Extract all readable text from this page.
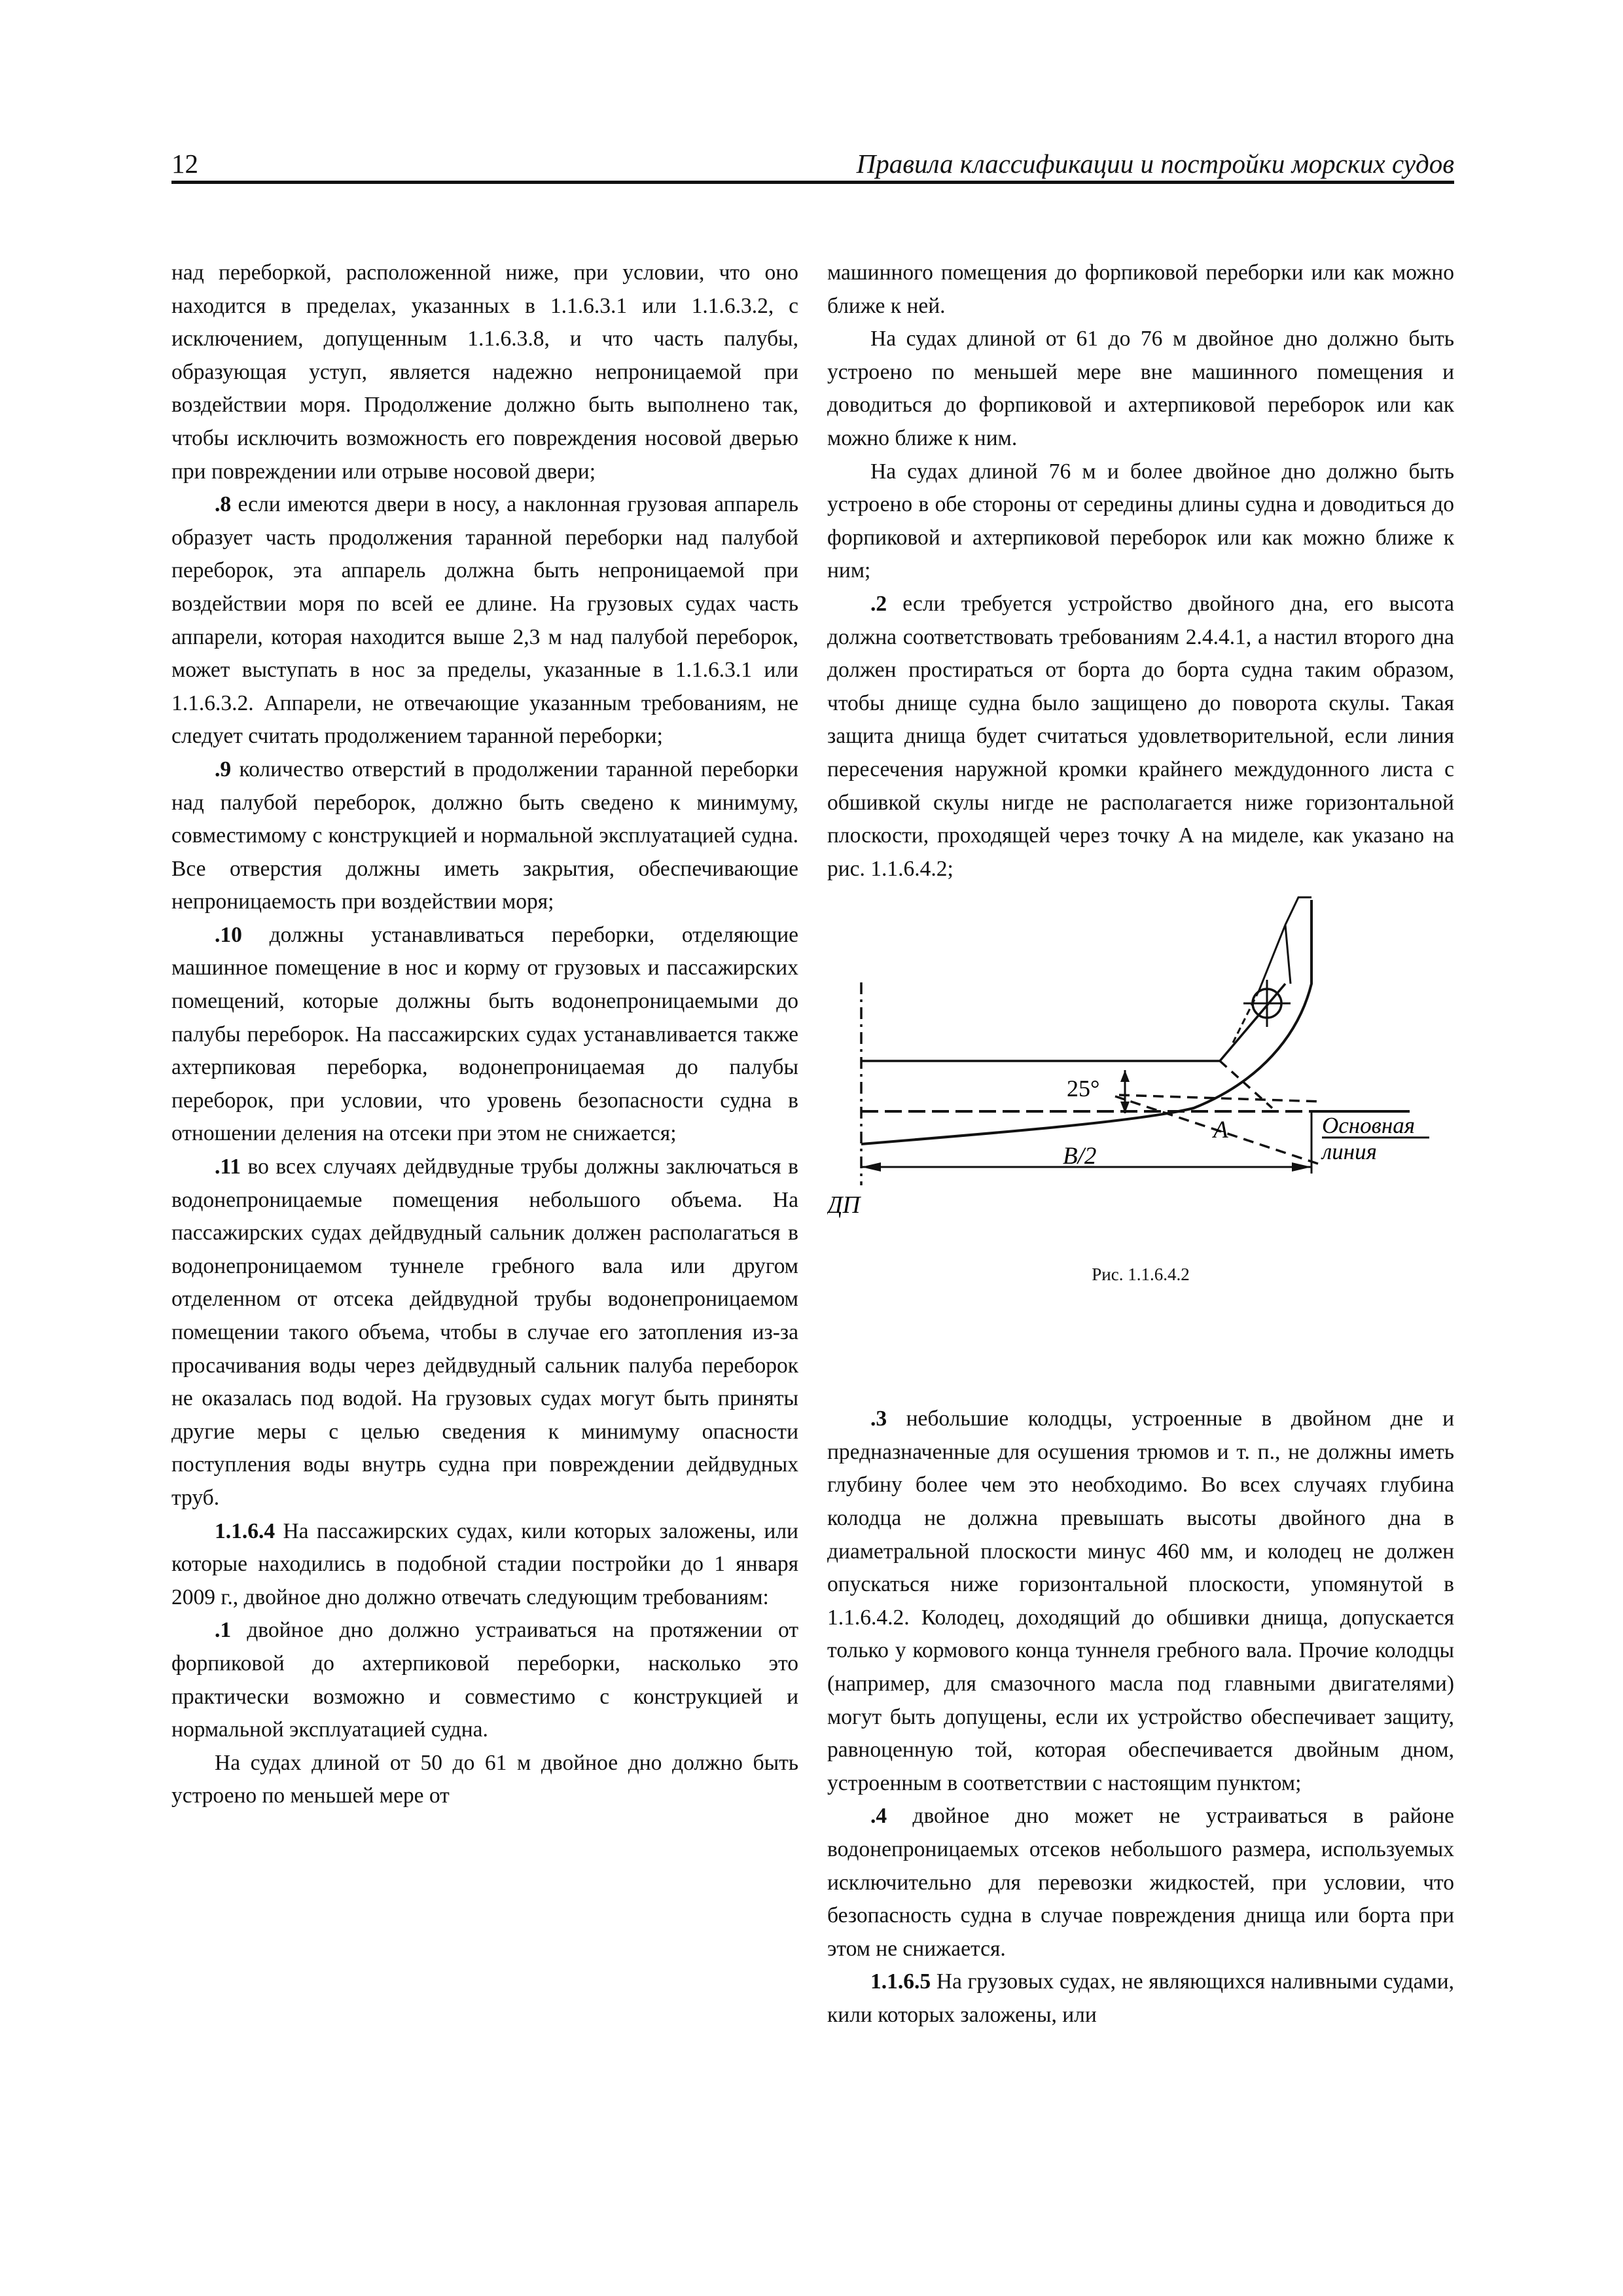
12	Правила классификации и постройки морских судов

над переборкой, расположенной ниже, при условии, что оно находится в пределах, указанных в 1.1.6.3.1 или 1.1.6.3.2, с исключением, допущенным 1.1.6.3.8, и что часть палубы, образующая уступ, является надежно непроницаемой при воздействии моря. Продолжение должно быть выполнено так, чтобы исключить возможность его повреждения носовой дверью при повреждении или отрыве носовой двери;

.8 если имеются двери в носу, а наклонная грузовая аппарель образует часть продолжения таранной переборки над палубой переборок, эта аппарель должна быть непроницаемой при воздействии моря по всей ее длине. На грузовых судах часть аппарели, которая находится выше 2,3 м над палубой переборок, может выступать в нос за пределы, указанные в 1.1.6.3.1 или 1.1.6.3.2. Аппарели, не отвечающие указанным требованиям, не следует считать продолжением таранной переборки;

.9 количество отверстий в продолжении таранной переборки над палубой переборок, должно быть сведено к минимуму, совместимому с конструкцией и нормальной эксплуатацией судна. Все отверстия должны иметь закрытия, обеспечивающие непроницаемость при воздействии моря;

.10 должны устанавливаться переборки, отделяющие машинное помещение в нос и корму от грузовых и пассажирских помещений, которые должны быть водонепроницаемыми до палубы переборок. На пассажирских судах устанавливается также ахтерпиковая переборка, водонепроницаемая до палубы переборок, при условии, что уровень безопасности судна в отношении деления на отсеки при этом не снижается;

.11 во всех случаях дейдвудные трубы должны заключаться в водонепроницаемые помещения небольшого объема. На пассажирских судах дейдвудный сальник должен располагаться в водонепроницаемом туннеле гребного вала или другом отделенном от отсека дейдвудной трубы водонепроницаемом помещении такого объема, чтобы в случае его затопления из-за просачивания воды через дейдвудный сальник палуба переборок не оказалась под водой. На грузовых судах могут быть приняты другие меры с целью сведения к минимуму опасности поступления воды внутрь судна при повреждении дейдвудных труб.

1.1.6.4 На пассажирских судах, кили которых заложены, или которые находились в подобной стадии постройки до 1 января 2009 г., двойное дно должно отвечать следующим требованиям:

.1 двойное дно должно устраиваться на протяжении от форпиковой до ахтерпиковой переборки, насколько это практически возможно и совместимо с конструкцией и нормальной эксплуатацией судна.

На судах длиной от 50 до 61 м двойное дно должно быть устроено по меньшей мере от

машинного помещения до форпиковой переборки или как можно ближе к ней.

На судах длиной от 61 до 76 м двойное дно должно быть устроено по меньшей мере вне машинного помещения и доводиться до форпиковой и ахтерпиковой переборок или как можно ближе к ним.

На судах длиной 76 м и более двойное дно должно быть устроено в обе стороны от середины длины судна и доводиться до форпиковой и ахтерпиковой переборок или как можно ближе к ним;

.2 если требуется устройство двойного дна, его высота должна соответствовать требованиям 2.4.4.1, а настил второго дна должен простираться от борта до борта судна таким образом, чтобы днище судна было защищено до поворота скулы. Такая защита днища будет считаться удовлетворительной, если линия пересечения наружной кромки крайнего междудонного листа с обшивкой скулы нигде не располагается ниже горизонтальной плоскости, проходящей через точку A на миделе, как указано на рис. 1.1.6.4.2;

25°
A
B/2
ДП
Основная
линия
Рис. 1.1.6.4.2

.3 небольшие колодцы, устроенные в двойном дне и предназначенные для осушения трюмов и т. п., не должны иметь глубину более чем это необходимо. Во всех случаях глубина колодца не должна превышать высоты двойного дна в диаметральной плоскости минус 460 мм, и колодец не должен опускаться ниже горизонтальной плоскости, упомянутой в 1.1.6.4.2. Колодец, доходящий до обшивки днища, допускается только у кормового конца туннеля гребного вала. Прочие колодцы (например, для смазочного масла под главными двигателями) могут быть допущены, если их устройство обеспечивает защиту, равноценную той, которая обеспечивается двойным дном, устроенным в соответствии с настоящим пунктом;

.4 двойное дно может не устраиваться в районе водонепроницаемых отсеков небольшого размера, используемых исключительно для перевозки жидкостей, при условии, что безопасность судна в случае повреждения днища или борта при этом не снижается.

1.1.6.5 На грузовых судах, не являющихся наливными судами, кили которых заложены, или
